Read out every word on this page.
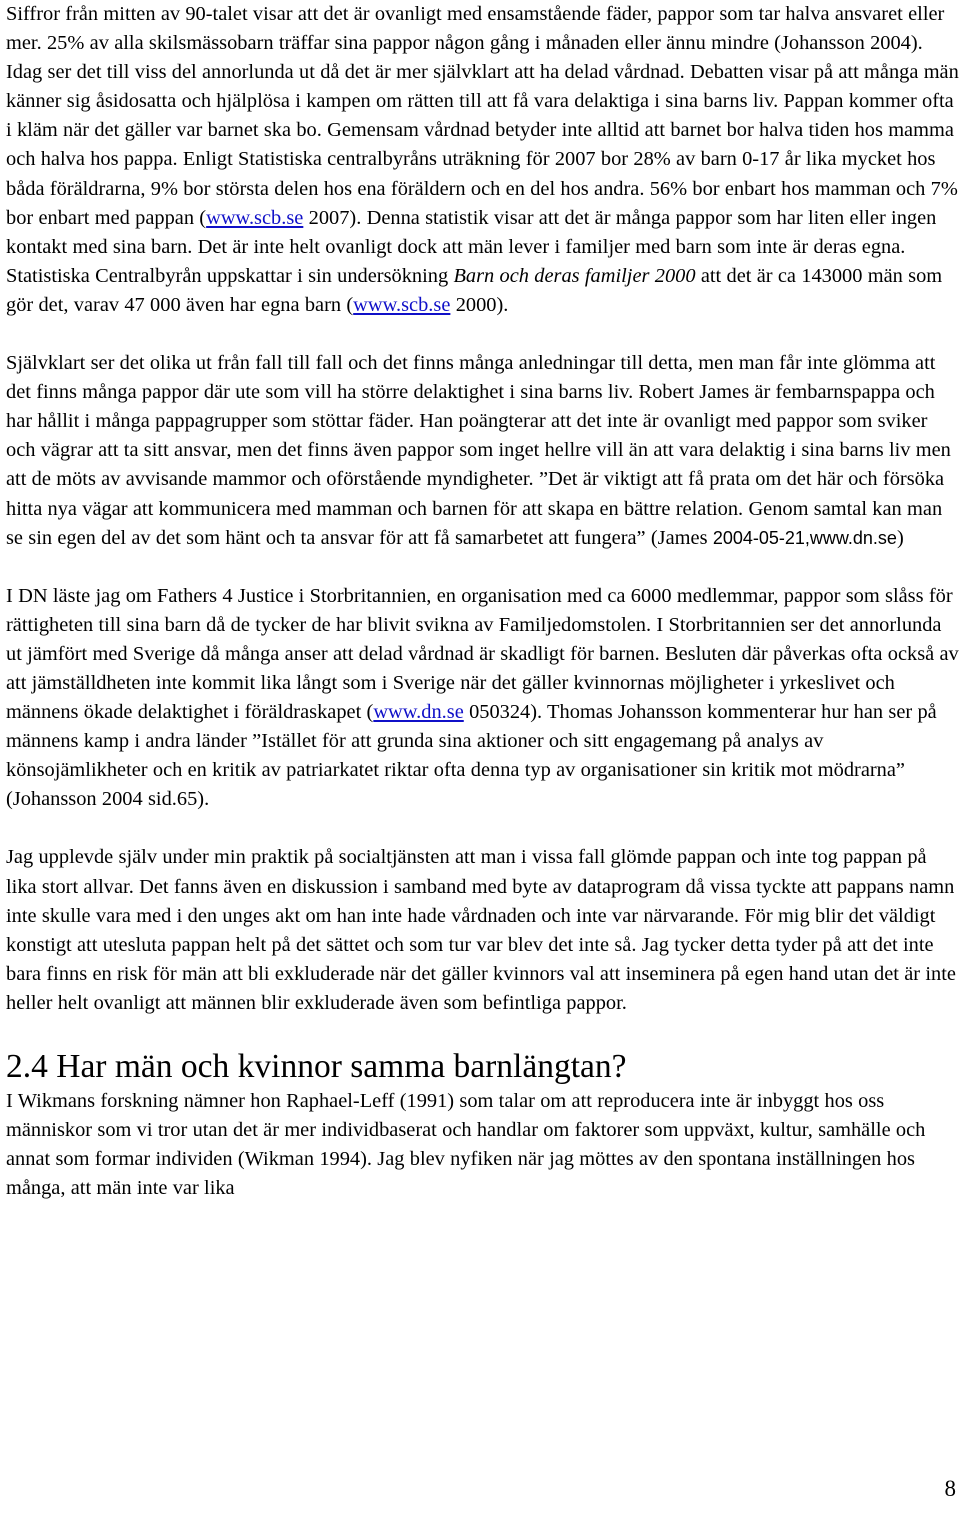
Siffror från mitten av 90-talet visar att det är ovanligt med ensamstående fäder, pappor som tar halva ansvaret eller mer. 25% av alla skilsmässobarn träffar sina pappor någon gång i månaden eller ännu mindre (Johansson 2004). Idag ser det till viss del annorlunda ut då det är mer självklart att ha delad vårdnad. Debatten visar på att många män känner sig åsidosatta och hjälplösa i kampen om rätten till att få vara delaktiga i sina barns liv. Pappan kommer ofta i kläm när det gäller var barnet ska bo. Gemensam vårdnad betyder inte alltid att barnet bor halva tiden hos mamma och halva hos pappa. Enligt Statistiska centralbyråns uträkning för 2007 bor 28% av barn 0-17 år lika mycket hos båda föräldrarna, 9% bor största delen hos ena föräldern och en del hos andra. 56% bor enbart hos mamman och 7% bor enbart med pappan (www.scb.se 2007). Denna statistik visar att det är många pappor som har liten eller ingen kontakt med sina barn. Det är inte helt ovanligt dock att män lever i familjer med barn som inte är deras egna. Statistiska Centralbyrån uppskattar i sin undersökning Barn och deras familjer 2000 att det är ca 143000 män som gör det, varav 47 000 även har egna barn (www.scb.se 2000).

Självklart ser det olika ut från fall till fall och det finns många anledningar till detta, men man får inte glömma att det finns många pappor där ute som vill ha större delaktighet i sina barns liv. Robert James är fembarnspappa och har hållit i många pappagrupper som stöttar fäder. Han poängterar att det inte är ovanligt med pappor som sviker och vägrar att ta sitt ansvar, men det finns även pappor som inget hellre vill än att vara delaktig i sina barns liv men att de möts av avvisande mammor och oförstående myndigheter. ”Det är viktigt att få prata om det här och försöka hitta nya vägar att kommunicera med mamman och barnen för att skapa en bättre relation. Genom samtal kan man se sin egen del av det som hänt och ta ansvar för att få samarbetet att fungera” (James 2004-05-21,www.dn.se)

I DN läste jag om Fathers 4 Justice i Storbritannien, en organisation med ca 6000 medlemmar, pappor som slåss för rättigheten till sina barn då de tycker de har blivit svikna av Familjedomstolen. I Storbritannien ser det annorlunda ut jämfört med Sverige då många anser att delad vårdnad är skadligt för barnen. Besluten där påverkas ofta också av att jämställdheten inte kommit lika långt som i Sverige när det gäller kvinnornas möjligheter i yrkeslivet och männens ökade delaktighet i föräldraskapet (www.dn.se 050324). Thomas Johansson kommenterar hur han ser på männens kamp i andra länder ”Istället för att grunda sina aktioner och sitt engagemang på analys av könsojämlikheter och en kritik av patriarkatet riktar ofta denna typ av organisationer sin kritik mot mödrarna” (Johansson 2004 sid.65).

Jag upplevde själv under min praktik på socialtjänsten att man i vissa fall glömde pappan och inte tog pappan på lika stort allvar. Det fanns även en diskussion i samband med byte av dataprogram då vissa tyckte att pappans namn inte skulle vara med i den unges akt om han inte hade vårdnaden och inte var närvarande. För mig blir det väldigt konstigt att utesluta pappan helt på det sättet och som tur var blev det inte så. Jag tycker detta tyder på att det inte bara finns en risk för män att bli exkluderade när det gäller kvinnors val att inseminera på egen hand utan det är inte heller helt ovanligt att männen blir exkluderade även som befintliga pappor.

2.4 Har män och kvinnor samma barnlängtan?

I Wikmans forskning nämner hon Raphael-Leff (1991) som talar om att reproducera inte är inbyggt hos oss människor som vi tror utan det är mer individbaserat och handlar om faktorer som uppväxt, kultur, samhälle och annat som formar individen (Wikman 1994). Jag blev nyfiken när jag möttes av den spontana inställningen hos många, att män inte var lika

8
